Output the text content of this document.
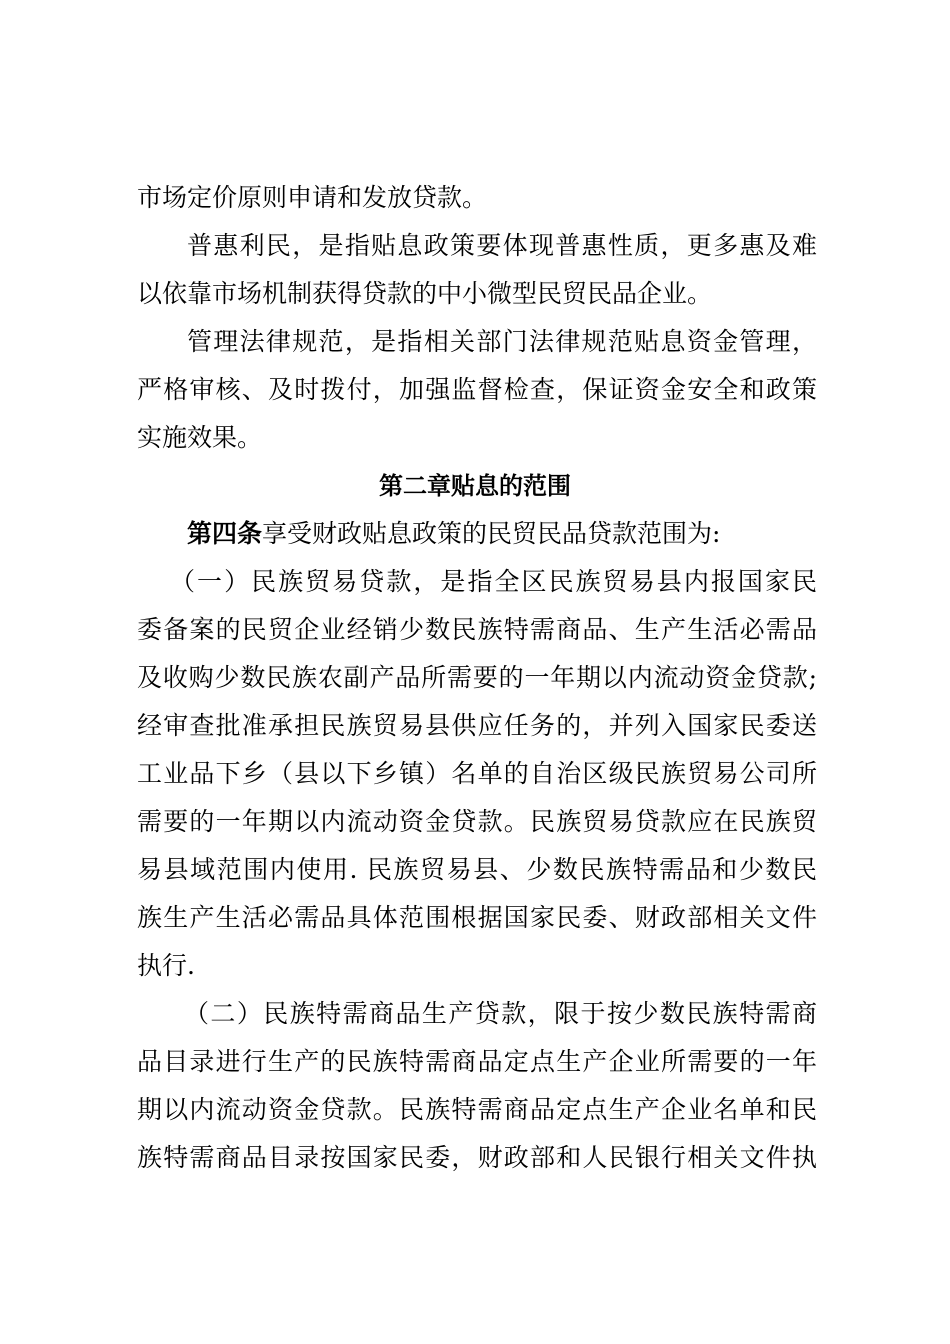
市场定价原则申请和发放贷款。
普惠利民，是指贴息政策要体现普惠性质，更多惠及难
以依靠市场机制获得贷款的中小微型民贸民品企业。
管理法律规范，是指相关部门法律规范贴息资金管理，
严格审核、及时拨付，加强监督检查，保证资金安全和政策
实施效果。
第二章贴息的范围
第四条享受财政贴息政策的民贸民品贷款范围为:
（一）民族贸易贷款，是指全区民族贸易县内报国家民
委备案的民贸企业经销少数民族特需商品、生产生活必需品
及收购少数民族农副产品所需要的一年期以内流动资金贷款;
经审查批准承担民族贸易县供应任务的，并列入国家民委送
工业品下乡（县以下乡镇）名单的自治区级民族贸易公司所
需要的一年期以内流动资金贷款。民族贸易贷款应在民族贸
易县域范围内使用. 民族贸易县、少数民族特需品和少数民
族生产生活必需品具体范围根据国家民委、财政部相关文件
执行.
（二）民族特需商品生产贷款，限于按少数民族特需商
品目录进行生产的民族特需商品定点生产企业所需要的一年
期以内流动资金贷款。民族特需商品定点生产企业名单和民
族特需商品目录按国家民委，财政部和人民银行相关文件执
